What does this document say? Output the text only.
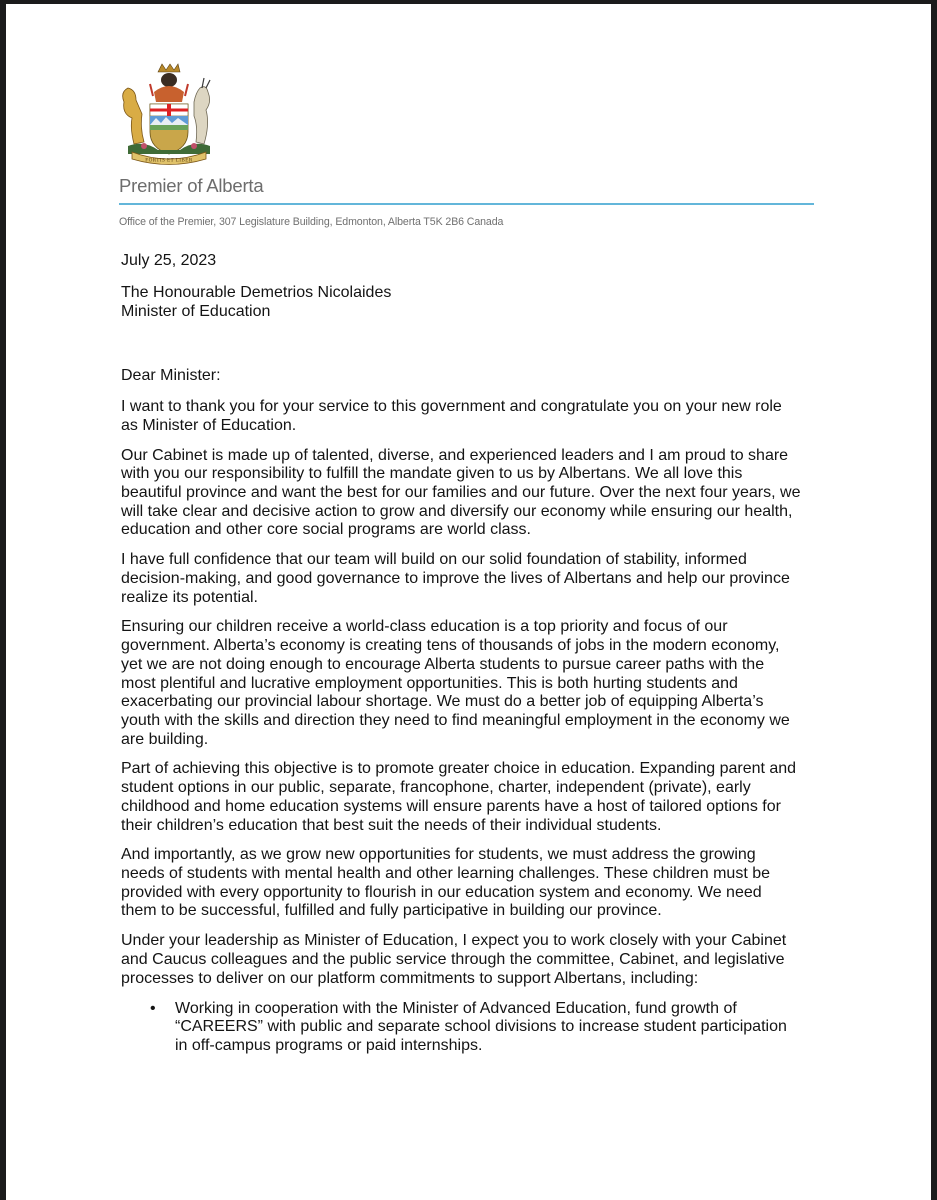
FORTIS ET LIBER
Premier of Alberta
Office of the Premier, 307 Legislature Building, Edmonton, Alberta T5K 2B6 Canada
July 25, 2023
The Honourable Demetrios Nicolaides
Minister of Education
Dear Minister:
I want to thank you for your service to this government and congratulate you on your new role
as Minister of Education.
Our Cabinet is made up of talented, diverse, and experienced leaders and I am proud to share
with you our responsibility to fulfill the mandate given to us by Albertans. We all love this
beautiful province and want the best for our families and our future. Over the next four years, we
will take clear and decisive action to grow and diversify our economy while ensuring our health,
education and other core social programs are world class.
I have full confidence that our team will build on our solid foundation of stability, informed
decision-making, and good governance to improve the lives of Albertans and help our province
realize its potential.
Ensuring our children receive a world-class education is a top priority and focus of our
government. Alberta’s economy is creating tens of thousands of jobs in the modern economy,
yet we are not doing enough to encourage Alberta students to pursue career paths with the
most plentiful and lucrative employment opportunities. This is both hurting students and
exacerbating our provincial labour shortage. We must do a better job of equipping Alberta’s
youth with the skills and direction they need to find meaningful employment in the economy we
are building.
Part of achieving this objective is to promote greater choice in education. Expanding parent and
student options in our public, separate, francophone, charter, independent (private), early
childhood and home education systems will ensure parents have a host of tailored options for
their children’s education that best suit the needs of their individual students.
And importantly, as we grow new opportunities for students, we must address the growing
needs of students with mental health and other learning challenges. These children must be
provided with every opportunity to flourish in our education system and economy. We need
them to be successful, fulfilled and fully participative in building our province.
Under your leadership as Minister of Education, I expect you to work closely with your Cabinet
and Caucus colleagues and the public service through the committee, Cabinet, and legislative
processes to deliver on our platform commitments to support Albertans, including:
• Working in cooperation with the Minister of Advanced Education, fund growth of
“CAREERS” with public and separate school divisions to increase student participation
in off-campus programs or paid internships.
